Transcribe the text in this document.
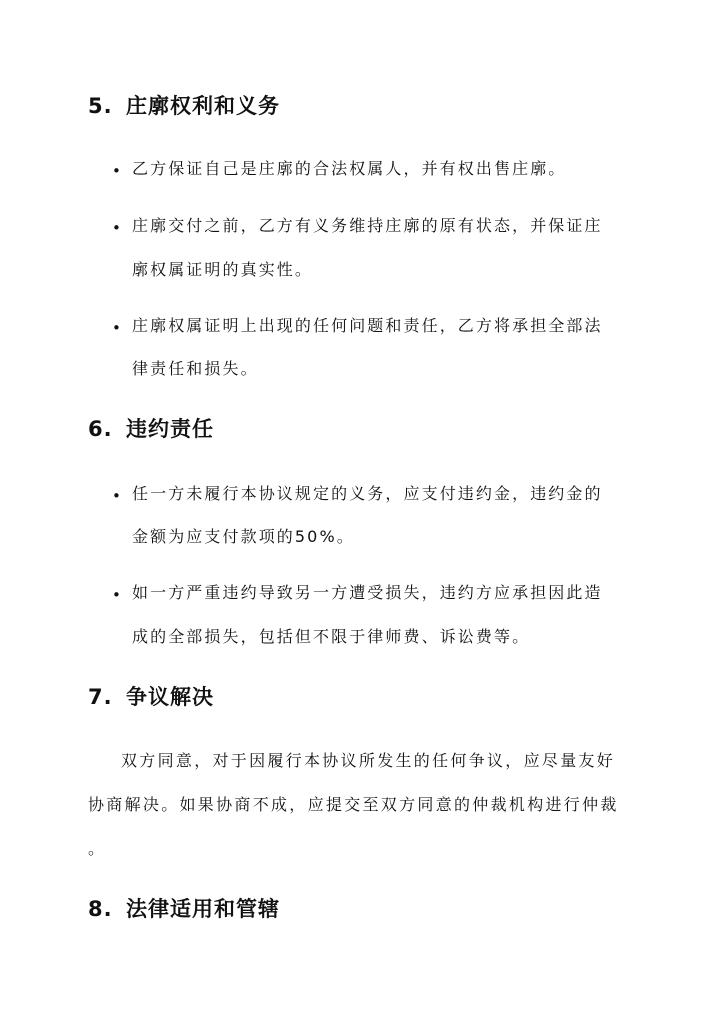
5. 庄廓权利和义务
• 乙方保证自己是庄廓的合法权属人，并有权出售庄廓。
• 庄廓交付之前，乙方有义务维持庄廓的原有状态，并保证庄
廓权属证明的真实性。
• 庄廓权属证明上出现的任何问题和责任，乙方将承担全部法
律责任和损失。
6. 违约责任
• 任一方未履行本协议规定的义务，应支付违约金，违约金的
金额为应支付款项的50%。
• 如一方严重违约导致另一方遭受损失，违约方应承担因此造
成的全部损失，包括但不限于律师费、诉讼费等。
7. 争议解决
双方同意，对于因履行本协议所发生的任何争议，应尽量友好
协商解决。如果协商不成，应提交至双方同意的仲裁机构进行仲裁
。
8. 法律适用和管辖
